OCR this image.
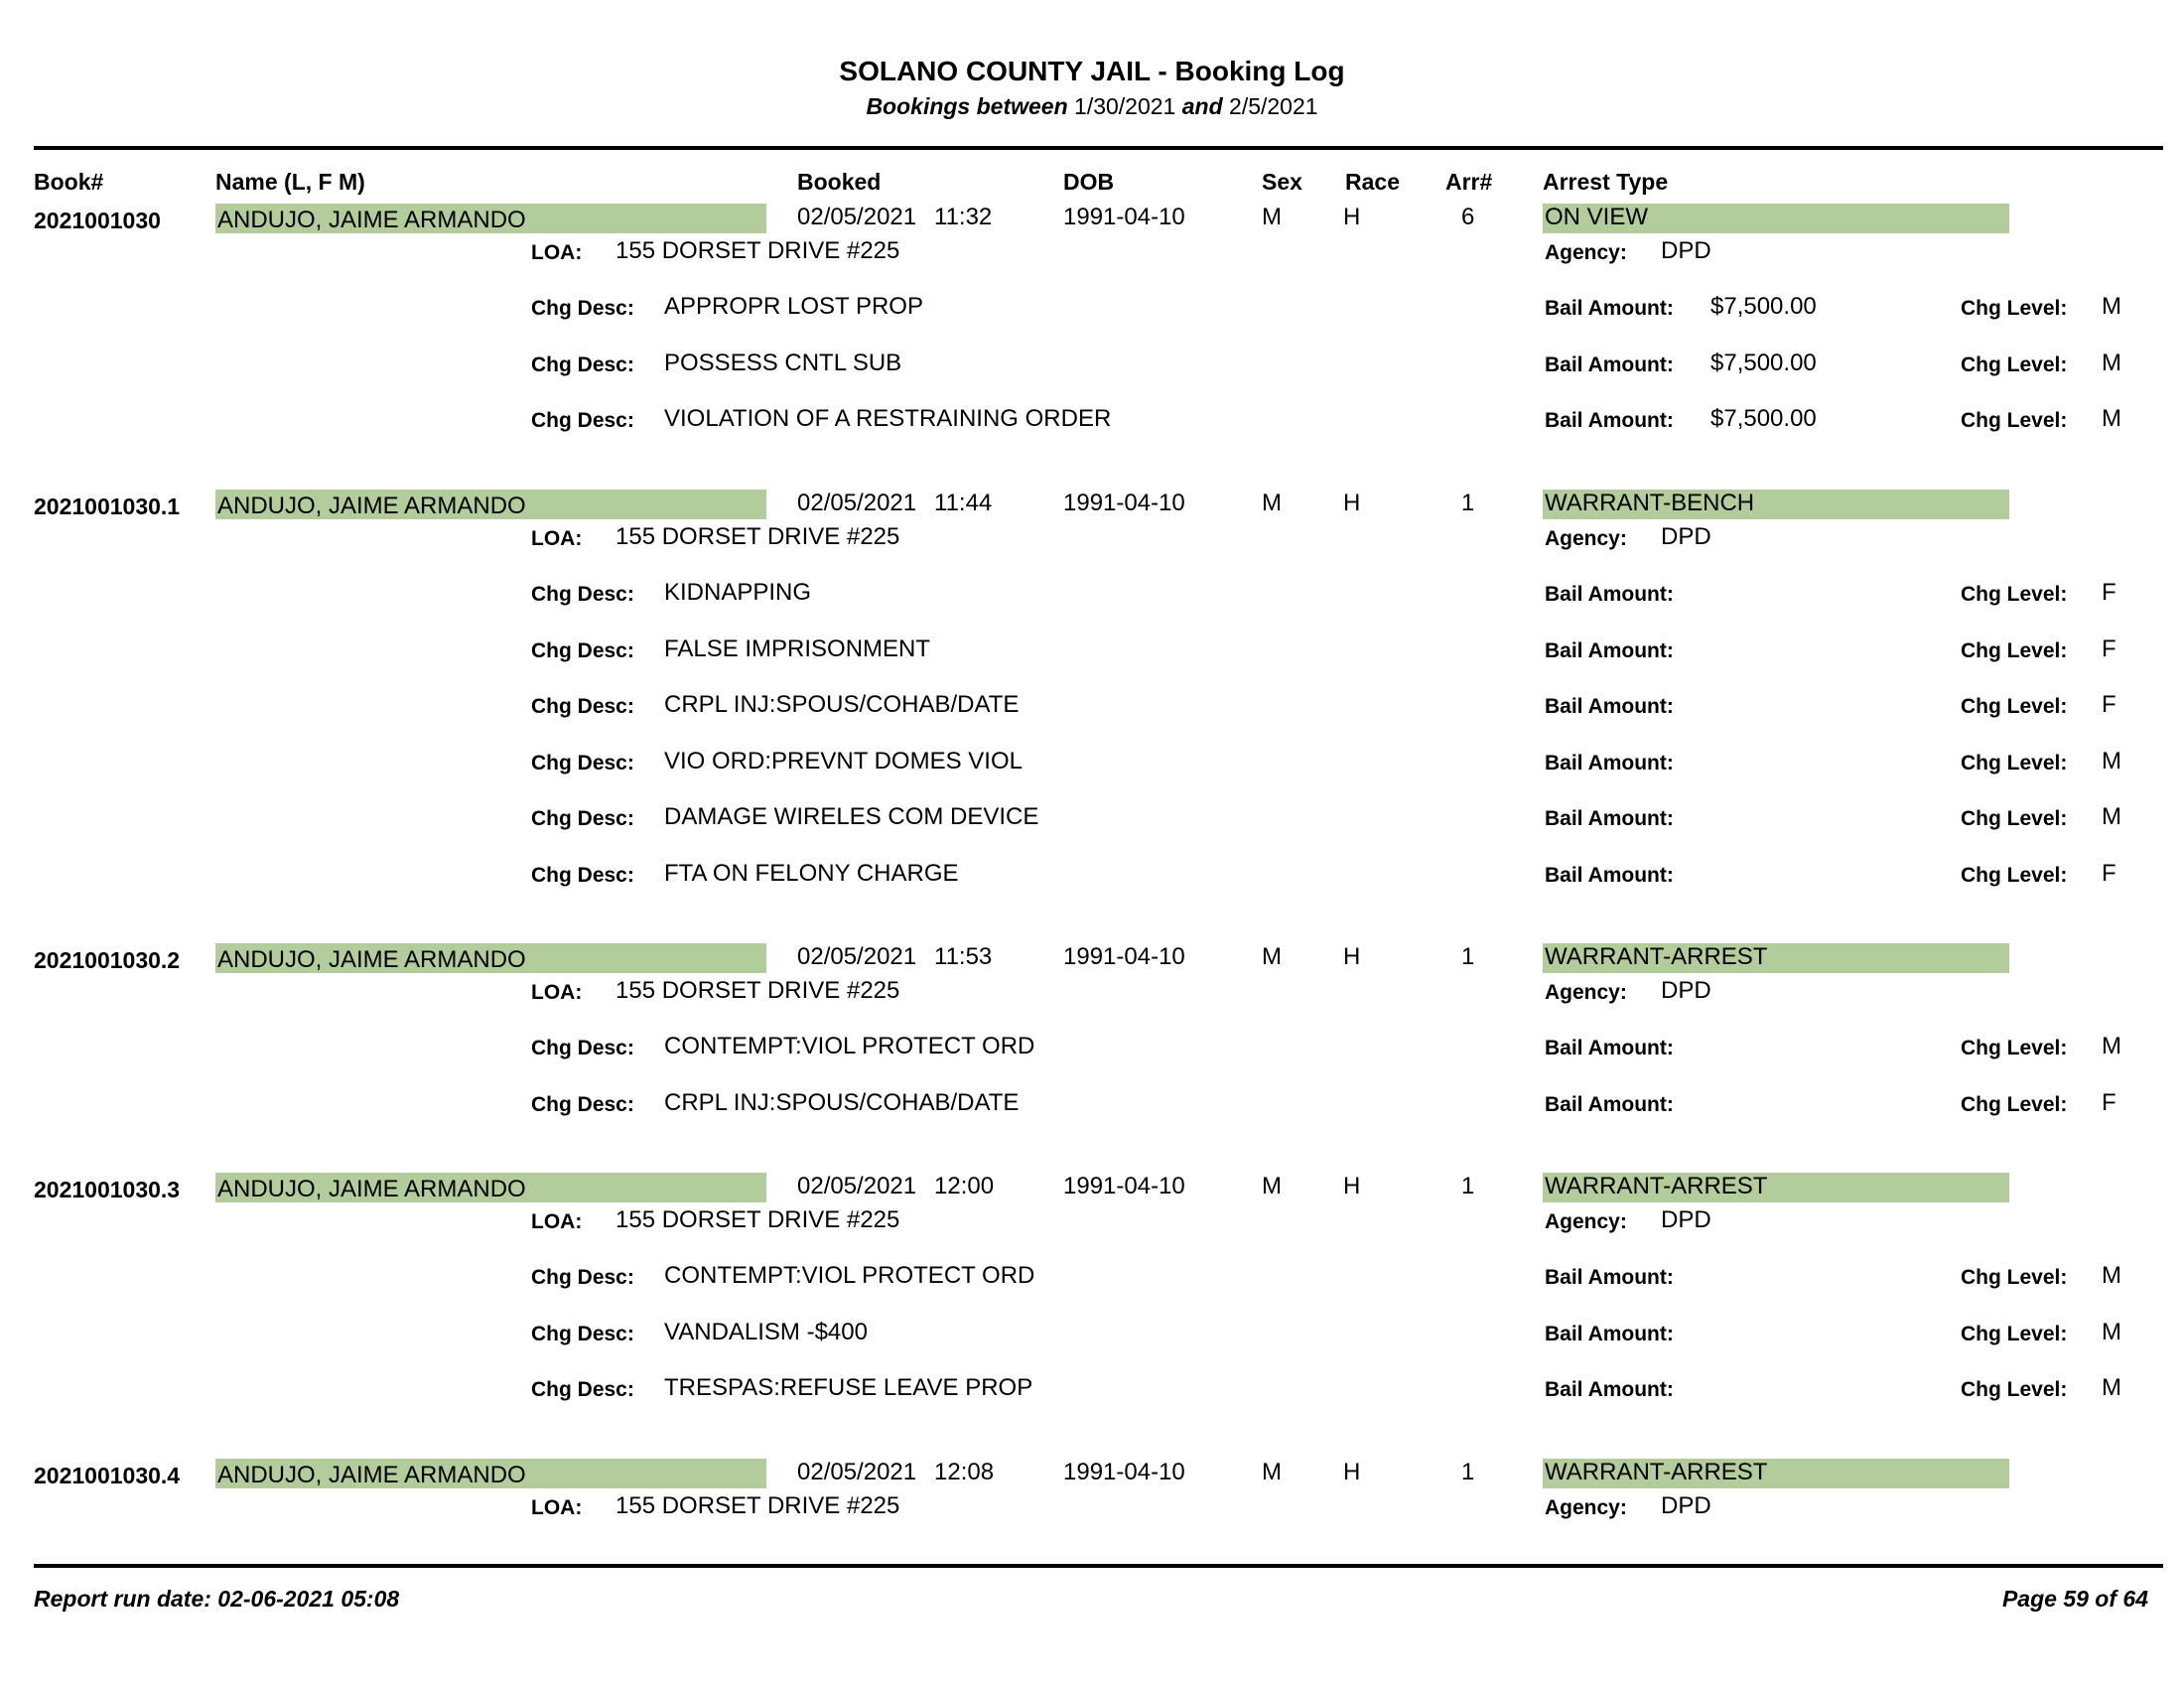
SOLANO COUNTY JAIL - Booking Log
Bookings between 1/30/2021 and 2/5/2021
Book#	Name (L, F M)	Booked	DOB	Sex Race Arr# Arrest Type
2021001030 ANDUJO, JAIME ARMANDO	02/05/2021 11:32	1991-04-10	M	H	6	ON VIEW
LOA: 155 DORSET DRIVE #225	Agency: DPD
Chg Desc: APPROPR LOST PROP	Bail Amount: $7,500.00	Chg Level: M
Chg Desc: POSSESS CNTL SUB	Bail Amount: $7,500.00	Chg Level: M
Chg Desc: VIOLATION OF A RESTRAINING ORDER	Bail Amount: $7,500.00	Chg Level: M
2021001030.1 ANDUJO, JAIME ARMANDO	02/05/2021 11:44	1991-04-10	M	H	1	WARRANT-BENCH
LOA: 155 DORSET DRIVE #225	Agency: DPD
Chg Desc: KIDNAPPING	Bail Amount:	Chg Level: F
Chg Desc: FALSE IMPRISONMENT	Bail Amount:	Chg Level: F
Chg Desc: CRPL INJ:SPOUS/COHAB/DATE	Bail Amount:	Chg Level: F
Chg Desc: VIO ORD:PREVNT DOMES VIOL	Bail Amount:	Chg Level: M
Chg Desc: DAMAGE WIRELES COM DEVICE	Bail Amount:	Chg Level: M
Chg Desc: FTA ON FELONY CHARGE	Bail Amount:	Chg Level: F
2021001030.2 ANDUJO, JAIME ARMANDO	02/05/2021 11:53	1991-04-10	M	H	1	WARRANT-ARREST
LOA: 155 DORSET DRIVE #225	Agency: DPD
Chg Desc: CONTEMPT:VIOL PROTECT ORD	Bail Amount:	Chg Level: M
Chg Desc: CRPL INJ:SPOUS/COHAB/DATE	Bail Amount:	Chg Level: F
2021001030.3 ANDUJO, JAIME ARMANDO	02/05/2021 12:00	1991-04-10	M	H	1	WARRANT-ARREST
LOA: 155 DORSET DRIVE #225	Agency: DPD
Chg Desc: CONTEMPT:VIOL PROTECT ORD	Bail Amount:	Chg Level: M
Chg Desc: VANDALISM -$400	Bail Amount:	Chg Level: M
Chg Desc: TRESPAS:REFUSE LEAVE PROP	Bail Amount:	Chg Level: M
2021001030.4 ANDUJO, JAIME ARMANDO	02/05/2021 12:08	1991-04-10	M	H	1	WARRANT-ARREST
LOA: 155 DORSET DRIVE #225	Agency: DPD
Report run date: 02-06-2021 05:08	Page 59 of 64
